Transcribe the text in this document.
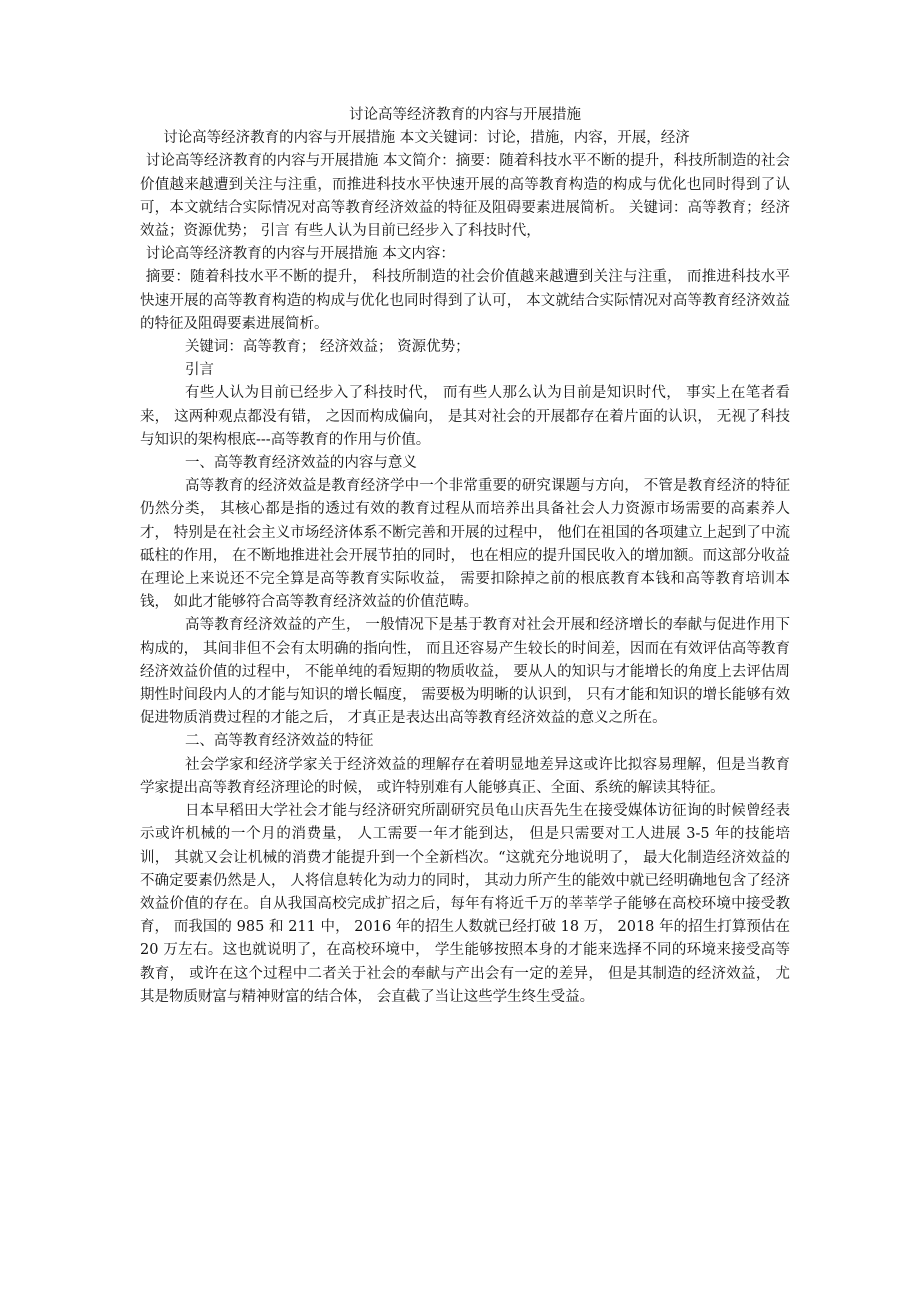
讨论高等经济教育的内容与开展措施

讨论高等经济教育的内容与开展措施 本文关键词：讨论，措施，内容，开展，经济

讨论高等经济教育的内容与开展措施 本文简介：摘要：随着科技水平不断的提升，科技所制造的社会价值越来越遭到关注与注重，而推进科技水平快速开展的高等教育构造的构成与优化也同时得到了认可，本文就结合实际情况对高等教育经济效益的特征及阻碍要素进展简析。 关键词：高等教育；经济效益；资源优势； 引言 有些人认为目前已经步入了科技时代，

讨论高等经济教育的内容与开展措施 本文内容：

摘要：随着科技水平不断的提升， 科技所制造的社会价值越来越遭到关注与注重， 而推进科技水平快速开展的高等教育构造的构成与优化也同时得到了认可， 本文就结合实际情况对高等教育经济效益的特征及阻碍要素进展简析。

关键词：高等教育； 经济效益； 资源优势；

引言

有些人认为目前已经步入了科技时代， 而有些人那么认为目前是知识时代， 事实上在笔者看来， 这两种观点都没有错， 之因而构成偏向， 是其对社会的开展都存在着片面的认识， 无视了科技与知识的架构根底---高等教育的作用与价值。

一、高等教育经济效益的内容与意义

高等教育的经济效益是教育经济学中一个非常重要的研究课题与方向， 不管是教育经济的特征仍然分类， 其核心都是指的透过有效的教育过程从而培养出具备社会人力资源市场需要的高素养人才， 特别是在社会主义市场经济体系不断完善和开展的过程中， 他们在祖国的各项建立上起到了中流砥柱的作用， 在不断地推进社会开展节拍的同时， 也在相应的提升国民收入的增加额。而这部分收益在理论上来说还不完全算是高等教育实际收益， 需要扣除掉之前的根底教育本钱和高等教育培训本钱， 如此才能够符合高等教育经济效益的价值范畴。

高等教育经济效益的产生， 一般情况下是基于教育对社会开展和经济增长的奉献与促进作用下构成的， 其间非但不会有太明确的指向性， 而且还容易产生较长的时间差，因而在有效评估高等教育经济效益价值的过程中， 不能单纯的看短期的物质收益， 要从人的知识与才能增长的角度上去评估周期性时间段内人的才能与知识的增长幅度， 需要极为明晰的认识到， 只有才能和知识的增长能够有效促进物质消费过程的才能之后， 才真正是表达出高等教育经济效益的意义之所在。

二、高等教育经济效益的特征

社会学家和经济学家关于经济效益的理解存在着明显地差异这或许比拟容易理解，但是当教育学家提出高等教育经济理论的时候， 或许特别难有人能够真正、全面、系统的解读其特征。

日本早稻田大学社会才能与经济研究所副研究员龟山庆吾先生在接受媒体访征询的时候曾经表示或许机械的一个月的消费量， 人工需要一年才能到达， 但是只需要对工人进展 3-5 年的技能培训， 其就又会让机械的消费才能提升到一个全新档次。“这就充分地说明了， 最大化制造经济效益的不确定要素仍然是人， 人将信息转化为动力的同时， 其动力所产生的能效中就已经明确地包含了经济效益价值的存在。自从我国高校完成扩招之后，每年有将近千万的莘莘学子能够在高校环境中接受教育， 而我国的 985 和 211 中， 2016 年的招生人数就已经打破 18 万， 2018 年的招生打算预估在 20 万左右。这也就说明了，在高校环境中， 学生能够按照本身的才能来选择不同的环境来接受高等教育， 或许在这个过程中二者关于社会的奉献与产出会有一定的差异， 但是其制造的经济效益， 尤其是物质财富与精神财富的结合体， 会直截了当让这些学生终生受益。
